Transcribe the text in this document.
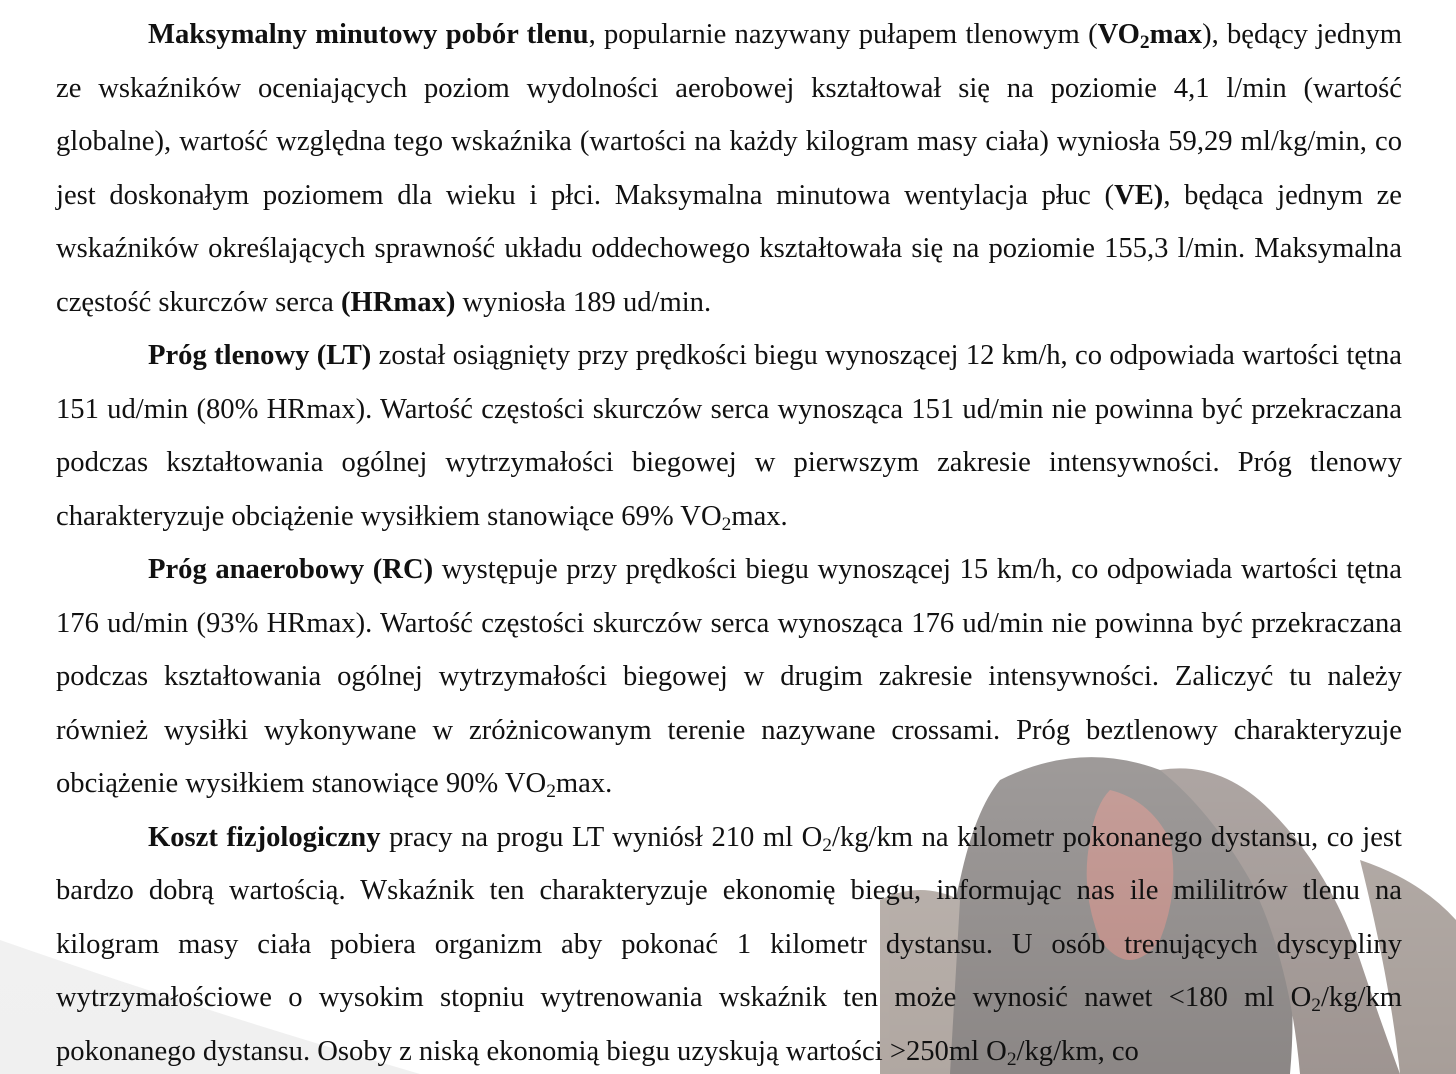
Maksymalny minutowy pobór tlenu, popularnie nazywany pułapem tlenowym $(VO_2\max)$, będący jednym ze wskaźników oceniających poziom wydolności aerobowej kształtował się na poziomie 4,1 l/min (wartość globalne), wartość względna tego wskaźnika (wartości na każdy kilogram masy ciała) wyniosła 59,29 ml/kg/min, co jest doskonałym poziomem dla wieku i płci. Maksymalna minutowa wentylacja płuc (VE), będąca jednym ze wskaźników określających sprawność układu oddechowego kształtowała się na poziomie 155,3 l/min. Maksymalna częstość skurczów serca (HRmax) wyniosła 189 ud/min.

Próg tlenowy (LT) został osiągnięty przy prędkości biegu wynoszącej 12 km/h, co odpowiada wartości tętna 151 ud/min (80% HRmax). Wartość częstości skurczów serca wynosząca 151 ud/min nie powinna być przekraczana podczas kształtowania ogólnej wytrzymałości biegowej w pierwszym zakresie intensywności. Próg tlenowy charakteryzuje obciążenie wysiłkiem stanowiące 69% $VO_2\max$.

Próg anaerobowy (RC) występuje przy prędkości biegu wynoszącej 15 km/h, co odpowiada wartości tętna 176 ud/min (93% HRmax). Wartość częstości skurczów serca wynosząca 176 ud/min nie powinna być przekraczana podczas kształtowania ogólnej wytrzymałości biegowej w drugim zakresie intensywności. Zaliczyć tu należy również wysiłki wykonywane w zróżnicowanym terenie nazywane crossami. Próg beztlenowy charakteryzuje obciążenie wysiłkiem stanowiące 90% $VO_2\max$.

Koszt fizjologiczny pracy na progu LT wyniósł 210 ml $O_2/kg/km$ na kilometr pokonanego dystansu, co jest bardzo dobrą wartością. Wskaźnik ten charakteryzuje ekonomię biegu, informując nas ile mililitrów tlenu na kilogram masy ciała pobiera organizm aby pokonać 1 kilometr dystansu. U osób trenujących dyscypliny wytrzymałościowe o wysokim stopniu wytrenowania wskaźnik ten może wynosić nawet <180 ml $O_2/kg/km$ pokonanego dystansu. Osoby z niską ekonomią biegu uzyskują wartości >250ml $O_2/kg/km$, co
